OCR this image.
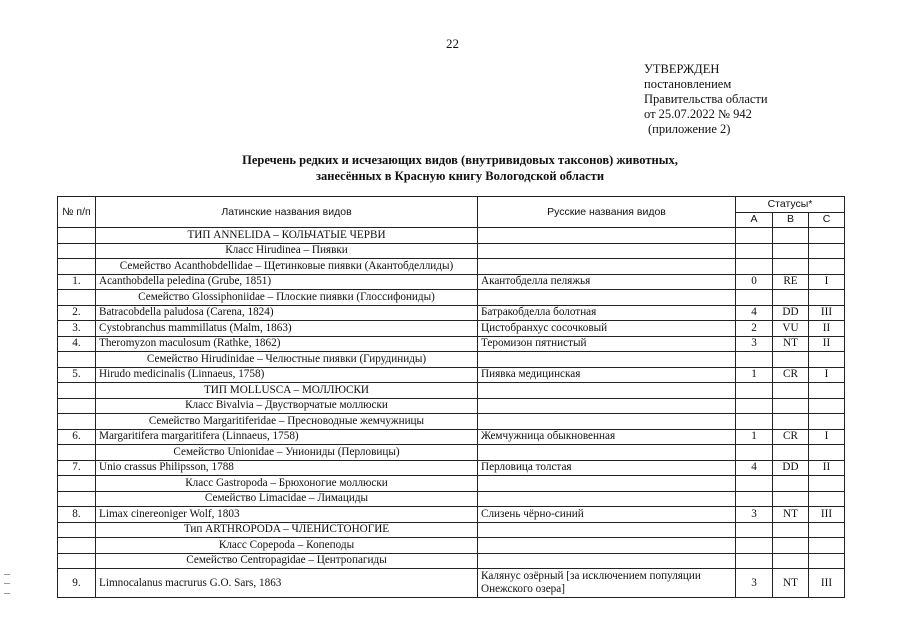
22
УТВЕРЖДЕН
постановлением
Правительства области
от 25.07.2022 № 942
(приложение 2)
Перечень редких и исчезающих видов (внутривидовых таксонов) животных,
занесённых в Красную книгу Вологодской области
№ п/п	Латинские названия видов	Русские названия видов	Статусы*		
			А	В	С
	ТИП ANNELIDA – КОЛЬЧАТЫЕ ЧЕРВИ				
	Класс Hirudinea – Пиявки				
	Семейство Acanthobdellidae – Щетинковые пиявки (Акантобделлиды)				
1.	Acanthobdella peledina (Grube, 1851)	Акантобделла пеляжья	0	RE	I
	Семейство Glossiphoniidae – Плоские пиявки (Глоссифониды)				
2.	Batracobdella paludosa (Carena, 1824)	Батракобделла болотная	4	DD	III
3.	Cystobranchus mammillatus (Malm, 1863)	Цистобранхус сосочковый	2	VU	II
4.	Theromyzon maculosum (Rathke, 1862)	Теромизон пятнистый	3	NT	II
	Семейство Hirudinidae – Челюстные пиявки (Гирудиниды)				
5.	Hirudo medicinalis (Linnaeus, 1758)	Пиявка медицинская	1	CR	I
	ТИП MOLLUSCA – МОЛЛЮСКИ				
	Класс Bivalvia – Двустворчатые моллюски				
	Семейство Margaritiferidae – Пресноводные жемчужницы				
6.	Margaritifera margaritifera (Linnaeus, 1758)	Жемчужница обыкновенная	1	CR	I
	Семейство Unionidae – Униониды (Перловицы)				
7.	Unio crassus Philipsson, 1788	Перловица толстая	4	DD	II
	Класс Gastropoda – Брюхоногие моллюски				
	Семейство Limacidae – Лимациды				
8.	Limax cinereoniger Wolf, 1803	Слизень чёрно-синий	3	NT	III
	Тип ARTHROPODA – ЧЛЕНИСТОНОГИЕ				
	Класс Copepoda – Копеподы				
	Семейство Centropagidae – Центропагиды				
9.	Limnocalanus macrurus G.O. Sars, 1863	Калянус озёрный [за исключением популяции Онежского озера]	3	NT	III
